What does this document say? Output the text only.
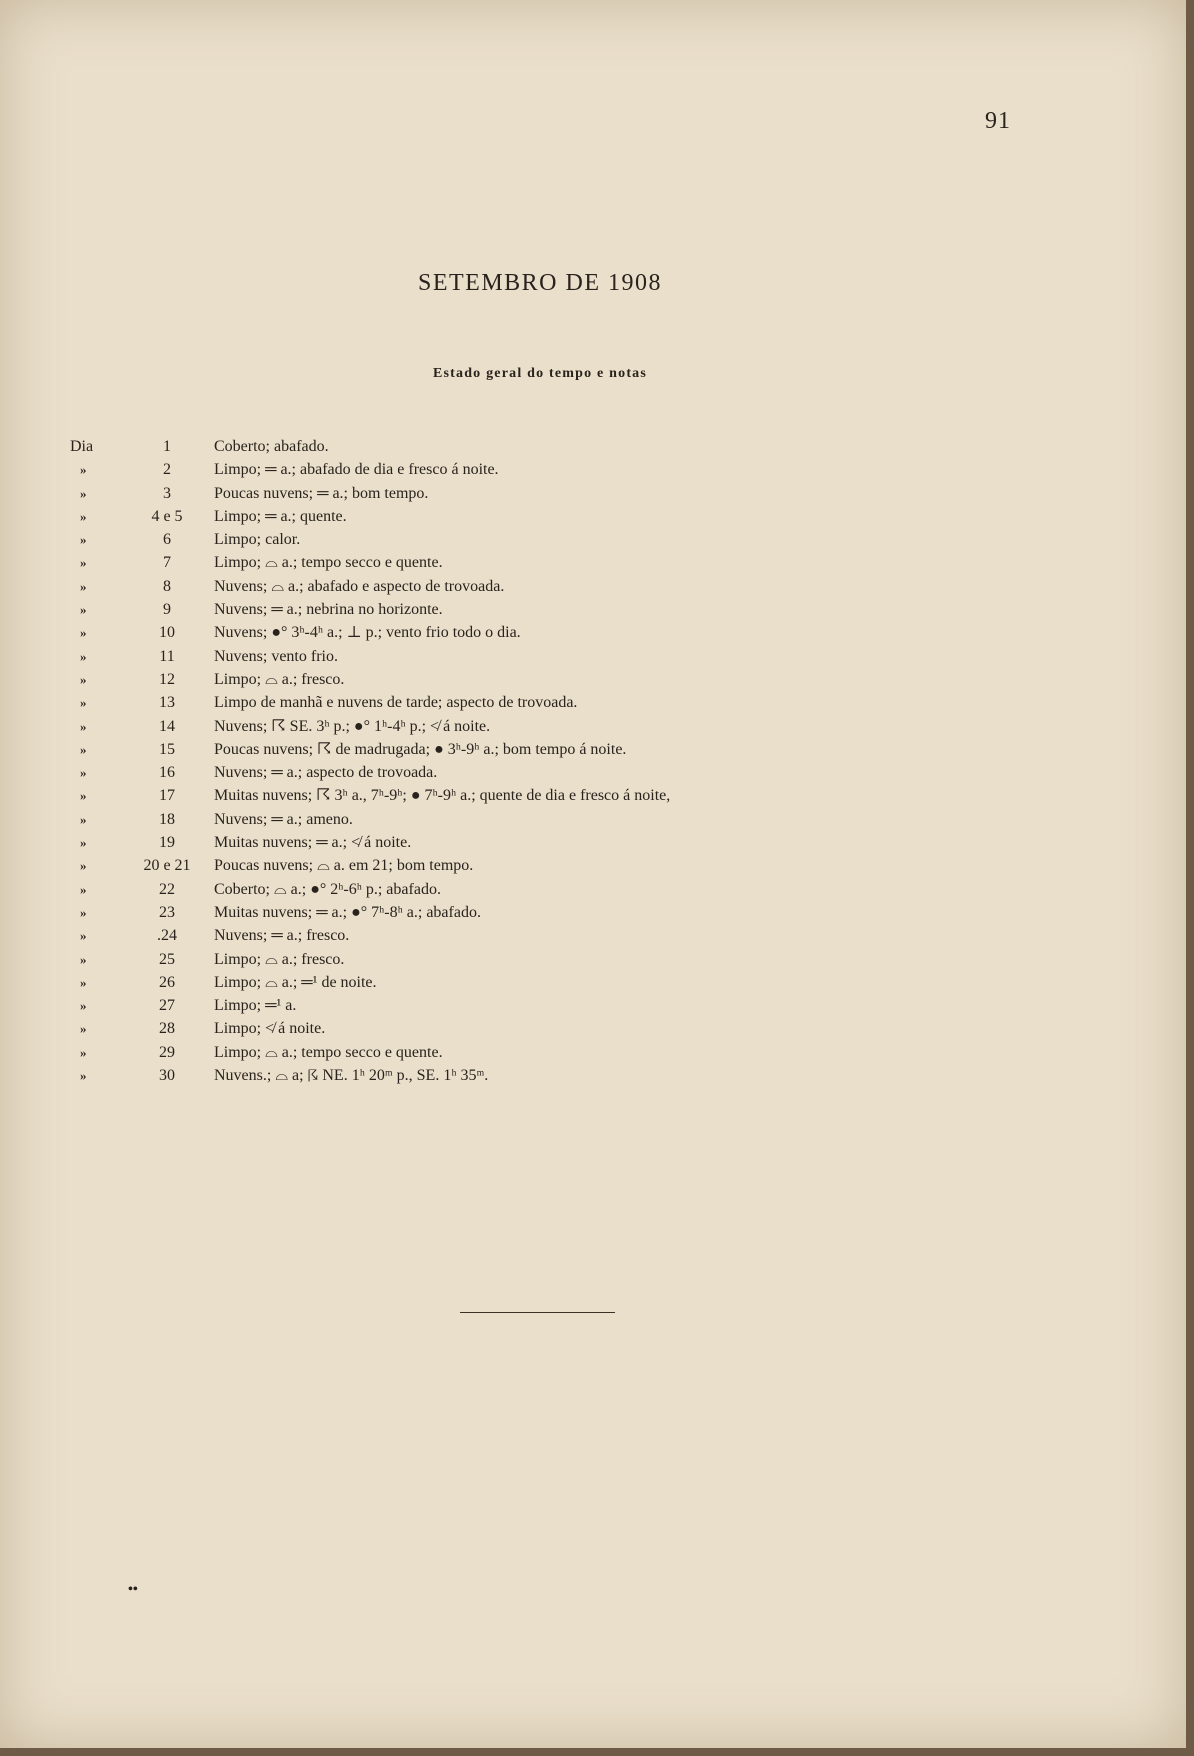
91
SETEMBRO DE 1908
Estado geral do tempo e notas
Dia	1	Coberto; abafado.
»	2	Limpo; ═ a.; abafado de dia e fresco á noite.
»	3	Poucas nuvens; ═ a.; bom tempo.
»	4 e 5	Limpo; ═ a.; quente.
»	6	Limpo; calor.
»	7	Limpo; ⌓ a.; tempo secco e quente.
»	8	Nuvens; ⌓ a.; abafado e aspecto de trovoada.
»	9	Nuvens; ═ a.; nebrina no horizonte.
»	10	Nuvens; ●° 3ʰ-4ʰ a.; ⊥ p.; vento frio todo o dia.
»	11	Nuvens; vento frio.
»	12	Limpo; ⌓ a.; fresco.
»	13	Limpo de manhã e nuvens de tarde; aspecto de trovoada.
»	14	Nuvens; ☈ SE. 3ʰ p.; ●° 1ʰ-4ʰ p.; ≮ á noite.
»	15	Poucas nuvens; ☈ de madrugada; ● 3ʰ-9ʰ a.; bom tempo á noite.
»	16	Nuvens; ═ a.; aspecto de trovoada.
»	17	Muitas nuvens; ☈ 3ʰ a., 7ʰ-9ʰ; ● 7ʰ-9ʰ a.; quente de dia e fresco á noite,
»	18	Nuvens; ═ a.; ameno.
»	19	Muitas nuvens; ═ a.; ≮ á noite.
»	20 e 21	Poucas nuvens; ⌓ a. em 21; bom tempo.
»	22	Coberto; ⌓ a.; ●° 2ʰ-6ʰ p.; abafado.
»	23	Muitas nuvens; ═ a.; ●° 7ʰ-8ʰ a.; abafado.
»	.24	Nuvens; ═ a.; fresco.
»	25	Limpo; ⌓ a.; fresco.
»	26	Limpo; ⌓ a.; ═¹ de noite.
»	27	Limpo; ═¹ a.
»	28	Limpo; ≮ á noite.
»	29	Limpo; ⌓ a.; tempo secco e quente.
»	30	Nuvens.; ⌓ a; ☈ NE. 1ʰ 20ᵐ p., SE. 1ʰ 35ᵐ.
••
